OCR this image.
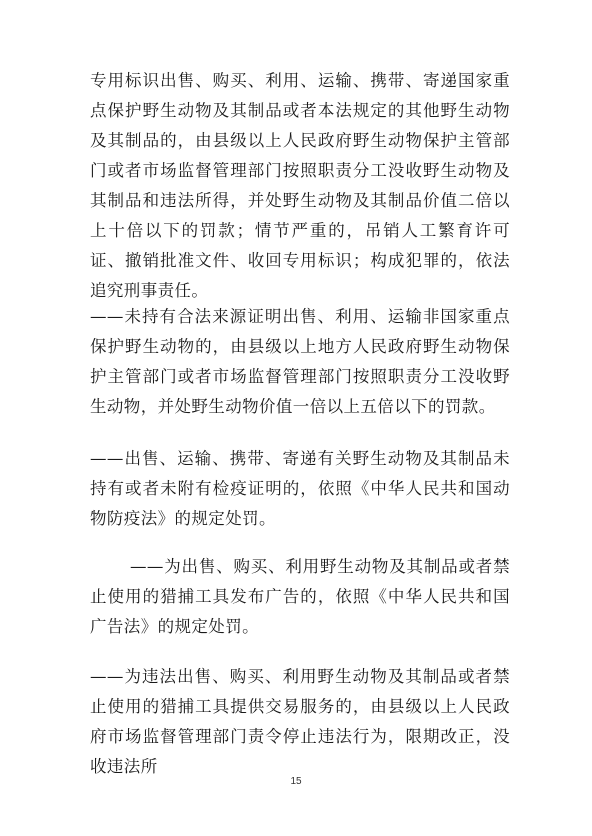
专用标识出售、购买、利用、运输、携带、寄递国家重点保护野生动物及其制品或者本法规定的其他野生动物及其制品的，由县级以上人民政府野生动物保护主管部门或者市场监督管理部门按照职责分工没收野生动物及其制品和违法所得，并处野生动物及其制品价值二倍以上十倍以下的罚款；情节严重的，吊销人工繁育许可证、撤销批准文件、收回专用标识；构成犯罪的，依法追究刑事责任。
——未持有合法来源证明出售、利用、运输非国家重点保护野生动物的，由县级以上地方人民政府野生动物保护主管部门或者市场监督管理部门按照职责分工没收野生动物，并处野生动物价值一倍以上五倍以下的罚款。
——出售、运输、携带、寄递有关野生动物及其制品未持有或者未附有检疫证明的，依照《中华人民共和国动物防疫法》的规定处罚。
——为出售、购买、利用野生动物及其制品或者禁止使用的猎捕工具发布广告的，依照《中华人民共和国广告法》的规定处罚。
——为违法出售、购买、利用野生动物及其制品或者禁止使用的猎捕工具提供交易服务的，由县级以上人民政府市场监督管理部门责令停止违法行为，限期改正，没收违法所
15
